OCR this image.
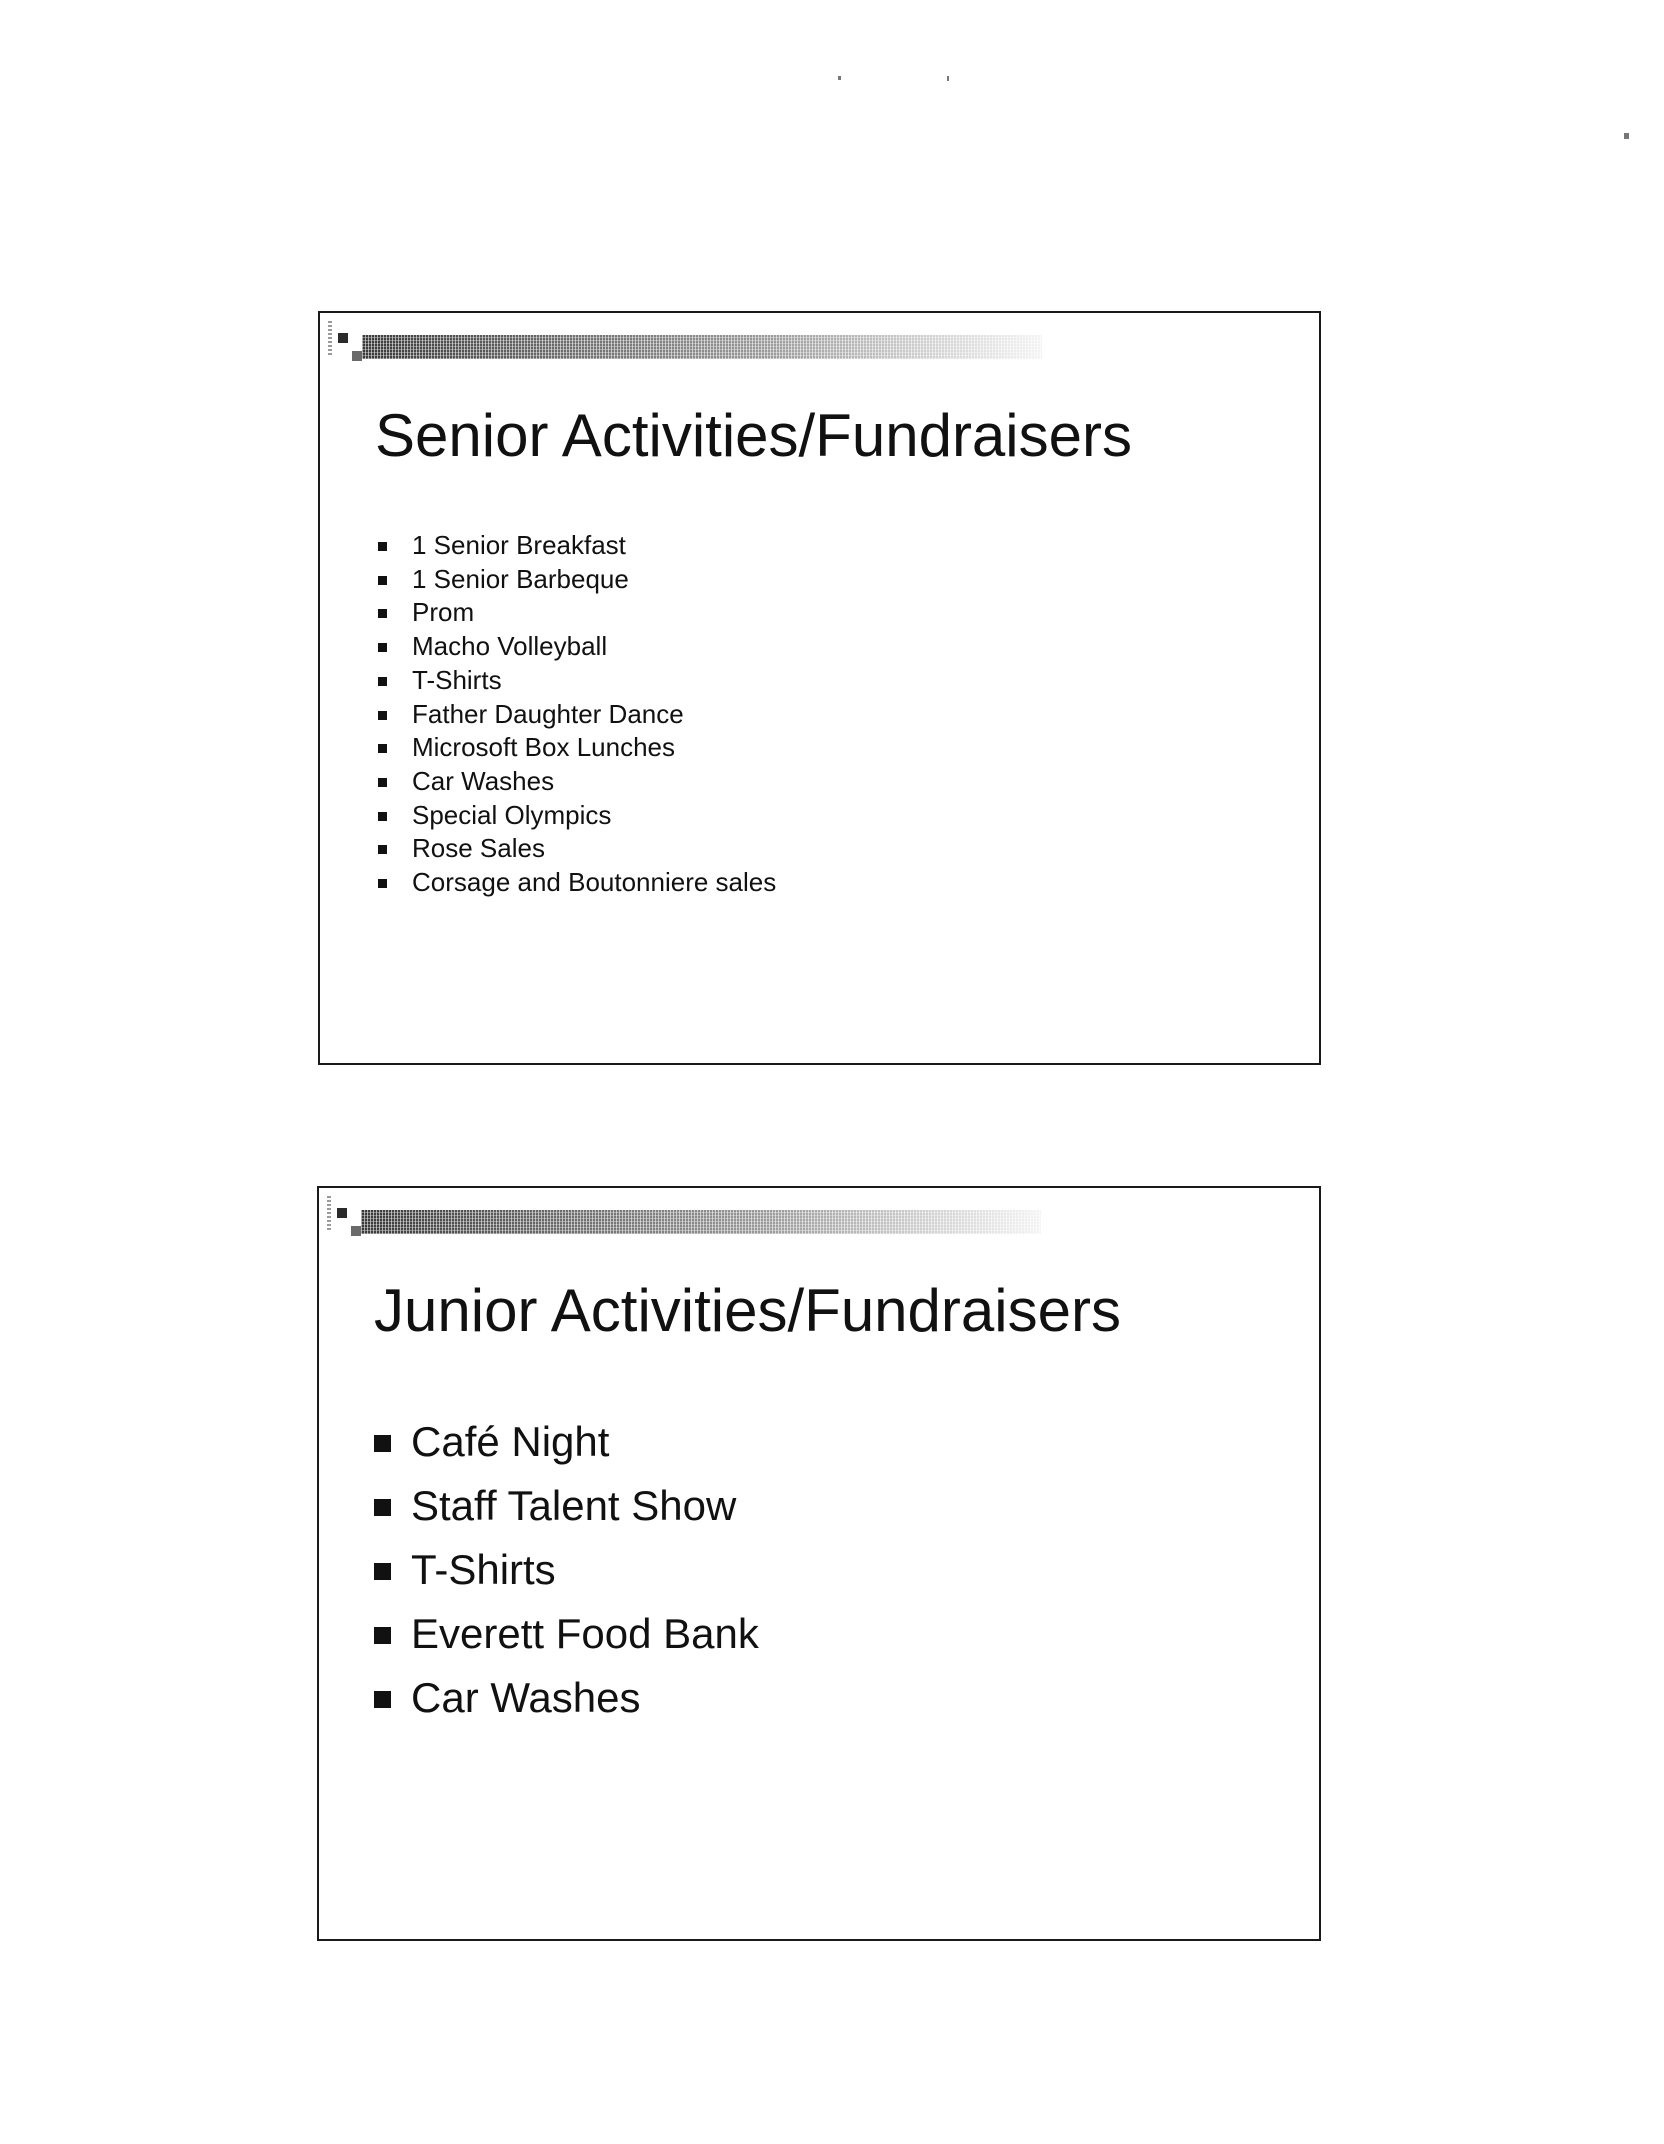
Senior Activities/Fundraisers
1 Senior Breakfast
1 Senior Barbeque
Prom
Macho Volleyball
T-Shirts
Father Daughter Dance
Microsoft Box Lunches
Car Washes
Special Olympics
Rose Sales
Corsage and Boutonniere sales
Junior Activities/Fundraisers
Café Night
Staff Talent Show
T-Shirts
Everett Food Bank
Car Washes
